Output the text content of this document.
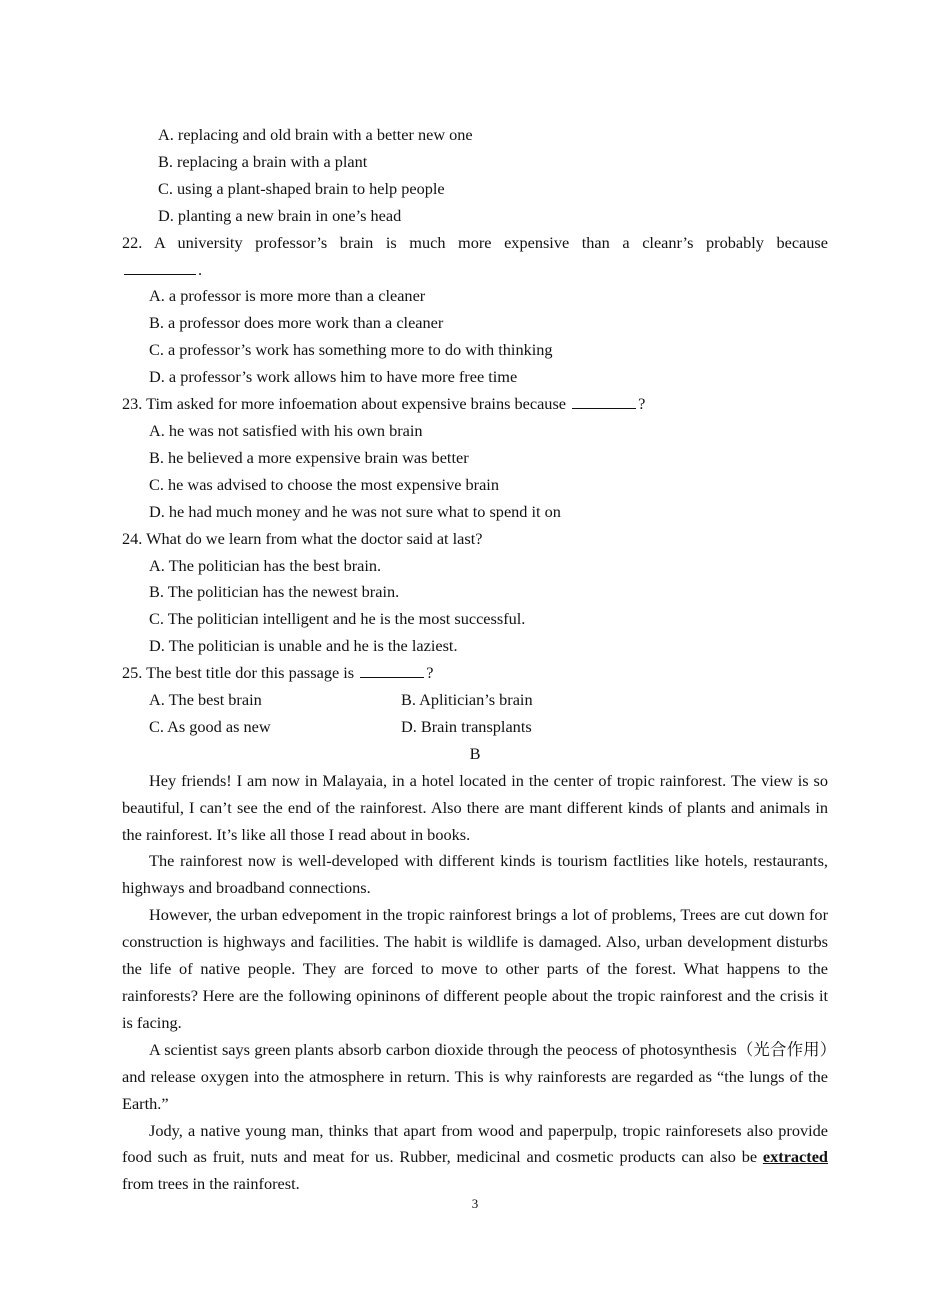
A. replacing and old brain with a better new one
B. replacing a brain with a plant
C. using a plant-shaped brain to help people
D. planting a new brain in one’s head
22. A university professor’s brain is much more expensive than a cleanr’s probably because
.
A. a professor is more more than a cleaner
B. a professor does more work than a cleaner
C. a professor’s work has something more to do with thinking
D. a professor’s work allows him to have more free time
23. Tim asked for more infoemation about expensive brains because	?
A. he was not satisfied with his own brain
B. he believed a more expensive brain was better
C. he was advised to choose the most expensive brain
D. he had much money and he was not sure what to spend it on
24. What do we learn from what the doctor said at last?
A. The politician has the best brain.
B. The politician has the newest brain.
C. The politician intelligent and he is the most successful.
D. The politician is unable and he is the laziest.
25. The best title dor this passage is	?
A. The best brain	B. Aplitician’s brain
C. As good as new	D. Brain transplants
B
Hey friends! I am now in Malayaia, in a hotel located in the center of tropic rainforest. The view is so beautiful, I can’t see the end of the rainforest. Also there are mant different kinds of plants and animals in the rainforest. It’s like all those I read about in books.
The rainforest now is well-developed with different kinds is tourism factlities like hotels, restaurants, highways and broadband connections.
However, the urban edvepoment in the tropic rainforest brings a lot of problems, Trees are cut down for construction is highways and facilities. The habit is wildlife is damaged. Also, urban development disturbs the life of native people. They are forced to move to other parts of the forest. What happens to the rainforests? Here are the following opininons of different people about the tropic rainforest and the crisis it is facing.
A scientist says green plants absorb carbon dioxide through the peocess of photosynthesis（光合作用）and release oxygen into the atmosphere in return. This is why rainforests are regarded as “the lungs of the Earth.”
Jody, a native young man, thinks that apart from wood and paperpulp, tropic rainforesets also provide food such as fruit, nuts and meat for us. Rubber, medicinal and cosmetic products can also be extracted from trees in the rainforest.
3
